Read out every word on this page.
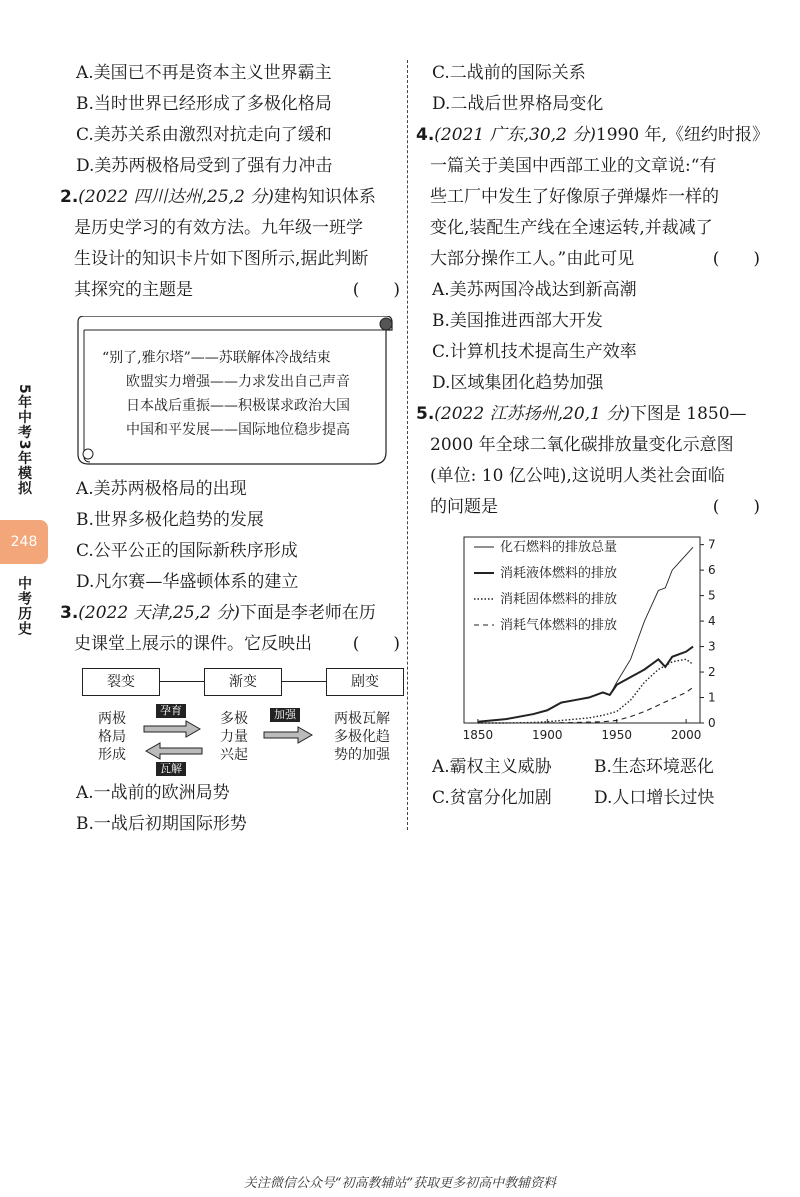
5年中考3年模拟
248
中考历史
A.美国已不再是资本主义世界霸主
B.当时世界已经形成了多极化格局
C.美苏关系由激烈对抗走向了缓和
D.美苏两极格局受到了强有力冲击
2.(2022 四川达州,25,2 分)建构知识体系
是历史学习的有效方法。九年级一班学
生设计的知识卡片如下图所示,据此判断
其探究的主题是	(　　)
“别了,雅尔塔”——苏联解体冷战结束
欧盟实力增强——力求发出自己声音
日本战后重振——积极谋求政治大国
中国和平发展——国际地位稳步提高
A.美苏两极格局的出现
B.世界多极化趋势的发展
C.公平公正的国际新秩序形成
D.凡尔赛—华盛顿体系的建立
3.(2022 天津,25,2 分)下面是李老师在历
史课堂上展示的课件。它反映出 (　　)
裂变	渐变	剧变
两极
格局
形成
孕育
瓦解
多极
力量
兴起
加强	两极瓦解
多极化趋
势的加强
A.一战前的欧洲局势
B.一战后初期国际形势
C.二战前的国际关系
D.二战后世界格局变化
4.(2021 广东,30,2 分)1990 年,《纽约时报》
一篇关于美国中西部工业的文章说:“有
些工厂中发生了好像原子弹爆炸一样的
变化,装配生产线在全速运转,并裁减了
大部分操作工人。”由此可见	(　　)
A.美苏两国冷战达到新高潮
B.美国推进西部大开发
C.计算机技术提高生产效率
D.区域集团化趋势加强
5.(2022 江苏扬州,20,1 分)下图是 1850—
2000 年全球二氧化碳排放量变化示意图
(单位: 10 亿公吨),这说明人类社会面临
的问题是	(　　)
0
1
2
3
4
5
6
7
1850	1900	1950	2000
化石燃料的排放总量
消耗液体燃料的排放
消耗固体燃料的排放
消耗气体燃料的排放
A.霸权主义威胁 B.生态环境恶化
C.贫富分化加剧 D.人口增长过快
关注微信公众号“初高教辅站”获取更多初高中教辅资料
